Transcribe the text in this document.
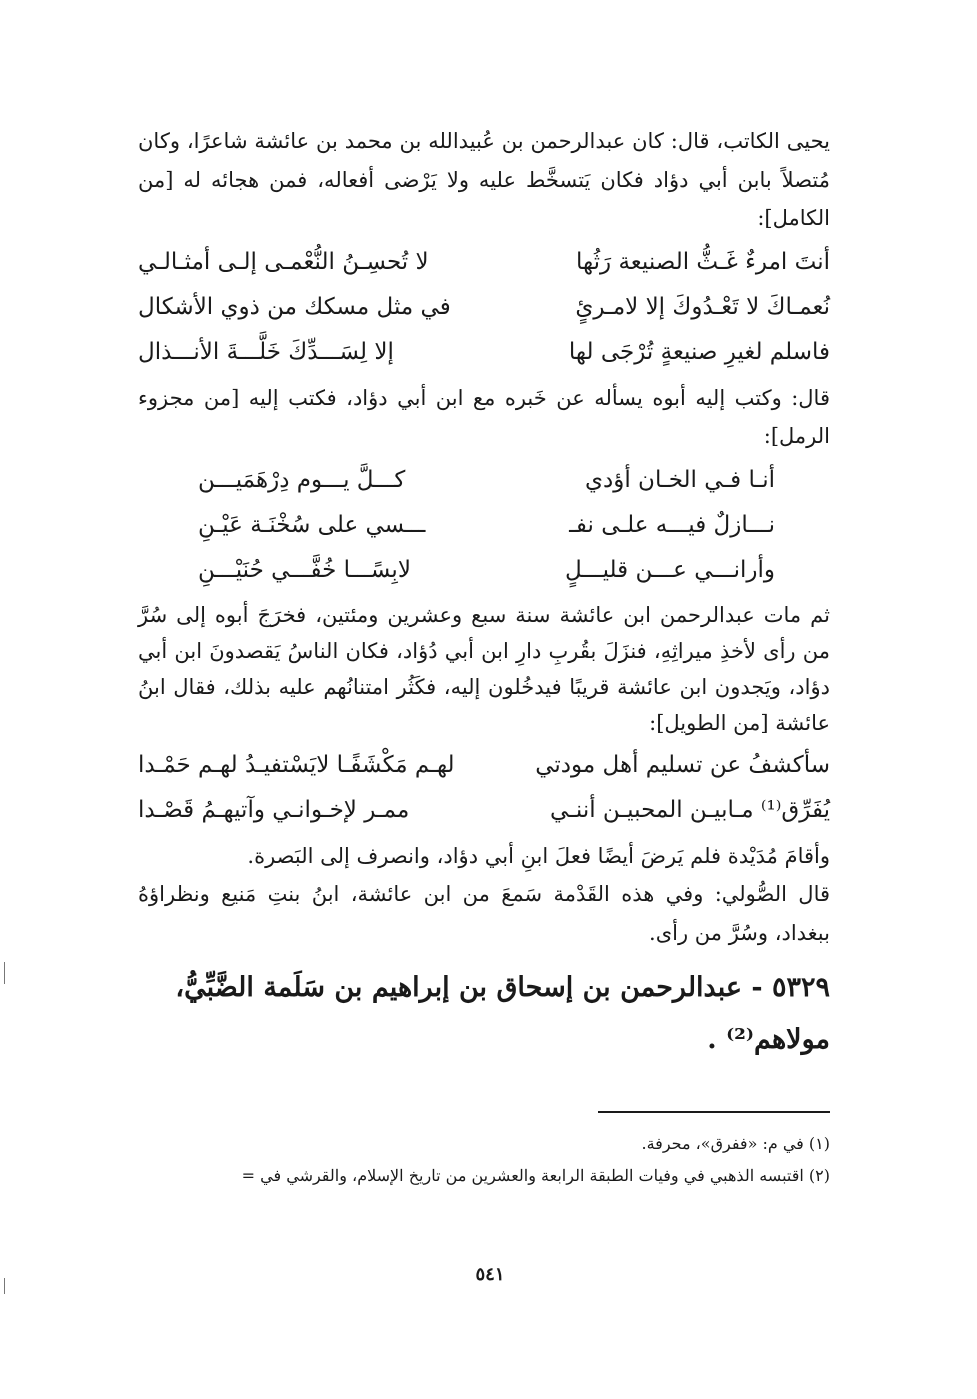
يحيى الكاتب، قال: كان عبدالرحمن بن عُبيدالله بن محمد بن عائشة شاعرًا، وكان مُتصلاً بابن أبي دؤاد فكان يَتسخَّط عليه ولا يَرْضى أفعاله، فمن هجائه له [من الكامل]:

أنتَ امرءٌ غَـثُّ الصنيعة رَثُها
لا تُحسِـنُ النُّعْمـى إلـى أمثـالـي
نُعمـاكَ لا تَعْـدُوكَ إلا لامـرئٍ
في مثل مسكك من ذوي الأشكال
فاسلم لغيرِ صنيعةٍ تُرْجَى لها
إلا لِسَـــدِّكَ خَلَّـــةَ الأنـــذال

قال: وكتب إليه أبوه يسأله عن خَبره مع ابن أبي دؤاد، فكتب إليه [من مجزوء الرمل]:

أنـا فـي الخـان أؤدي
كـــلَّ يـــوم دِرْهَمَيـــن
نـــازلٌ فيـــه علـى نفـ
ـــسي على سُخْنَـة عَيْـنِ
وأرانـــي عـــن قليـــلٍ
لابِسًـــا خُفَّـــي حُنَيْـــنِ

ثم مات عبدالرحمن ابن عائشة سنة سبع وعشرين ومئتين، فخرَجَ أبوه إلى سُرَّ من رأى لأخذِ ميراثِهِ، فنزَلَ بقُربِ دارِ ابن أبي دُؤاد، فكان الناسُ يَقصدونَ ابن أبي دؤاد، ويَجدون ابن عائشة قريبًا فيدخُلون إليه، فكَثُر امتنانُهم عليه بذلك، فقال ابنُ عائشة [من الطويل]:

سأكشفُ عن تسليم أهل مودتي
لهـم مَكْشَفًـا لايَسْتفيـدُ لهـم حَمْـدا
يُفَرِّق⁽¹⁾ مـابيـن المحبيـن أننـي
ممـر لإخـوانـي وآتيهـمُ قَصْـدا

وأقامَ مُدَيْدة فلم يَرضَ أيضًا فعلَ ابنِ أبي دؤاد، وانصرف إلى البَصرة.

قال الصُّولي: وفي هذه القَدْمة سَمعَ من ابن عائشة، ابنُ بنتِ مَنيع ونظراؤهُ ببغداد، وسُرَّ من رأى.

٥٣٢٩ - عبدالرحمن بن إسحاق بن إبراهيم بن سَلَمة الضَّبِّيُّ،
مولاهم⁽²⁾ .

(١) في م: «ففرق»، محرفة.

(٢) اقتبسه الذهبي في وفيات الطبقة الرابعة والعشرين من تاريخ الإسلام، والقرشي في =

٥٤١
